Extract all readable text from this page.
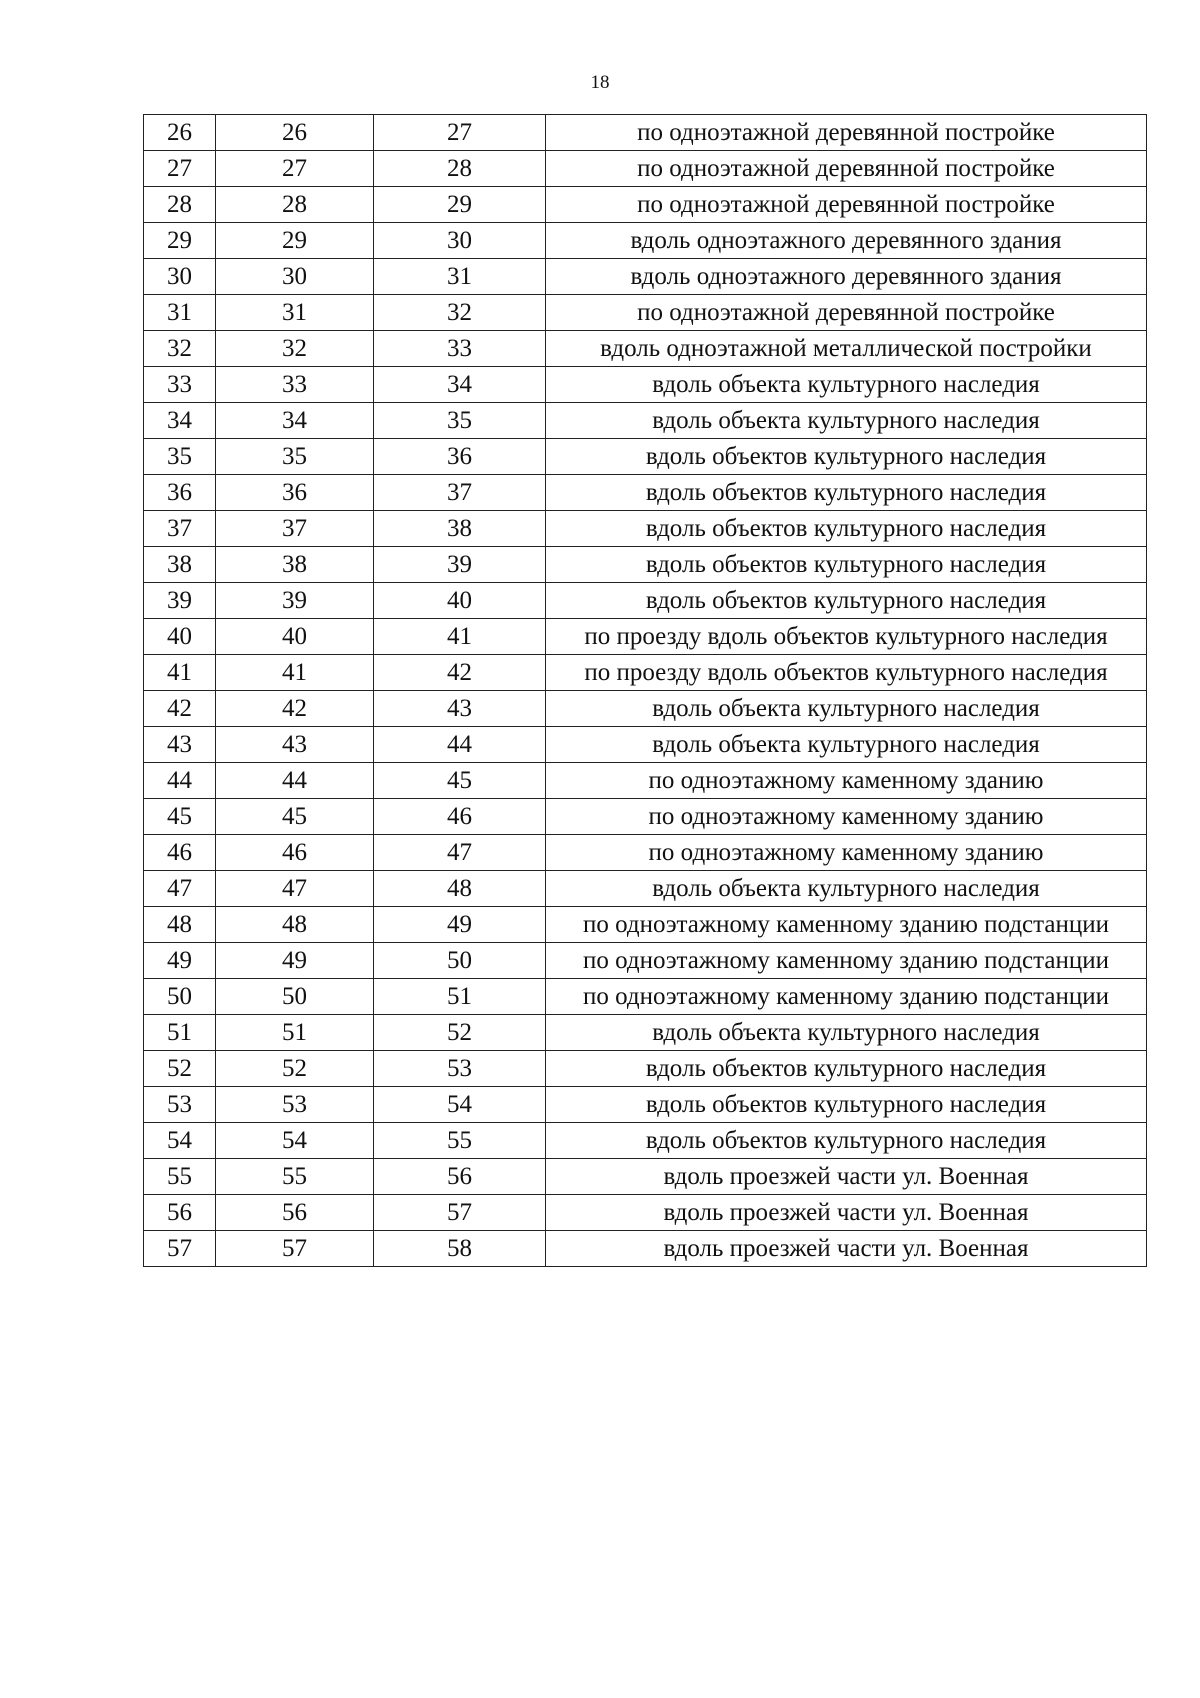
18
26	26	27	по одноэтажной деревянной постройке
27	27	28	по одноэтажной деревянной постройке
28	28	29	по одноэтажной деревянной постройке
29	29	30	вдоль одноэтажного деревянного здания
30	30	31	вдоль одноэтажного деревянного здания
31	31	32	по одноэтажной деревянной постройке
32	32	33	вдоль одноэтажной металлической постройки
33	33	34	вдоль объекта культурного наследия
34	34	35	вдоль объекта культурного наследия
35	35	36	вдоль объектов культурного наследия
36	36	37	вдоль объектов культурного наследия
37	37	38	вдоль объектов культурного наследия
38	38	39	вдоль объектов культурного наследия
39	39	40	вдоль объектов культурного наследия
40	40	41	по проезду вдоль объектов культурного наследия
41	41	42	по проезду вдоль объектов культурного наследия
42	42	43	вдоль объекта культурного наследия
43	43	44	вдоль объекта культурного наследия
44	44	45	по одноэтажному каменному зданию
45	45	46	по одноэтажному каменному зданию
46	46	47	по одноэтажному каменному зданию
47	47	48	вдоль объекта культурного наследия
48	48	49	по одноэтажному каменному зданию подстанции
49	49	50	по одноэтажному каменному зданию подстанции
50	50	51	по одноэтажному каменному зданию подстанции
51	51	52	вдоль объекта культурного наследия
52	52	53	вдоль объектов культурного наследия
53	53	54	вдоль объектов культурного наследия
54	54	55	вдоль объектов культурного наследия
55	55	56	вдоль проезжей части ул. Военная
56	56	57	вдоль проезжей части ул. Военная
57	57	58	вдоль проезжей части ул. Военная
